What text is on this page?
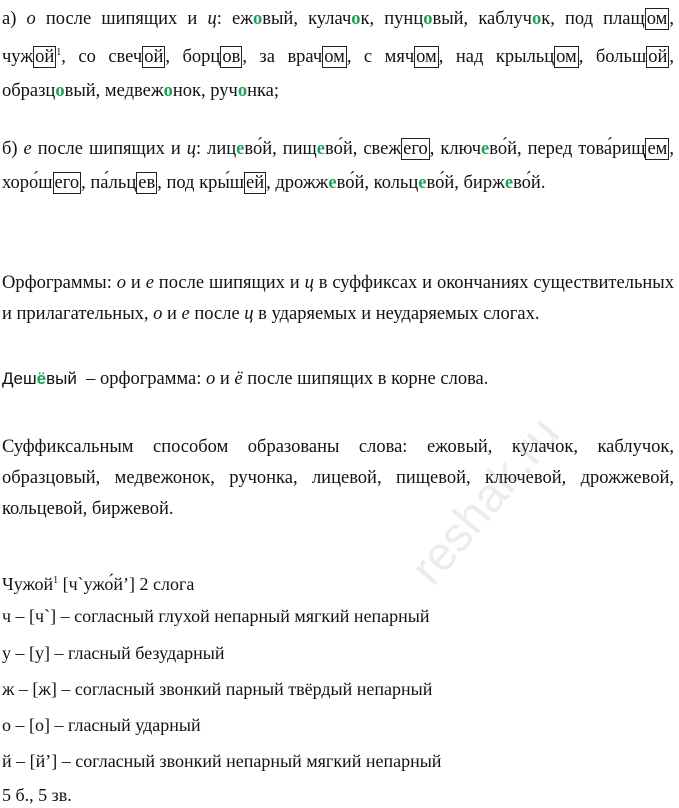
а) о после шипящих и ц: ежовый, кулачок, пунцовый, каблучок, под плащ ом , чуж ой $^1$, со свеч ой , борц ов , за врач ом , с мяч ом , над крыльц ом , больш ой , образцовый, медвежонок, ручонка;
б) е после шипящих и ц: лицево́й, пищево́й, свеж его , ключево́й, перед това́рищ ем , хоро́ш его , па́льц ев , под кры́ш ей , дрожжево́й, кольцево́й, биржево́й.
Орфограммы: о и е после шипящих и ц в суффиксах и окончаниях существительных и прилагательных, о и е после ц в ударяемых и неударяемых слогах.
Дешёвый – орфограмма: о и ё после шипящих в корне слова.
Суффиксальным способом образованы слова: ежовый, кулачок, каблучок, образцовый, медвежонок, ручонка, лицевой, пищевой, ключевой, дрожжевой, кольцевой, биржевой.
Чужой$^1$ [ч`ужо́й’] 2 слога
ч – [ч`] – согласный глухой непарный мягкий непарный
у – [у] – гласный безударный
ж – [ж] – согласный звонкий парный твёрдый непарный
о – [о] – гласный ударный
й – [й’] – согласный звонкий непарный мягкий непарный
5 б., 5 зв.
reshak.ru
